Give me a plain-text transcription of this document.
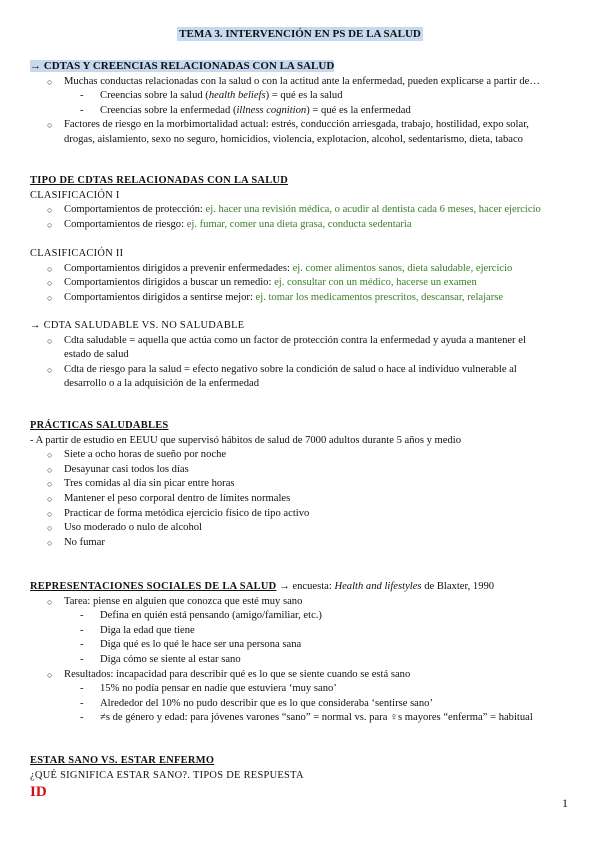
TEMA 3. INTERVENCIÓN EN PS DE LA SALUD
→ CDTAS Y CREENCIAS RELACIONADAS CON LA SALUD
○ Muchas conductas relacionadas con la salud o con la actitud ante la enfermedad, pueden explicarse a partir de…
- Creencias sobre la salud (health beliefs) = qué es la salud
- Creencias sobre la enfermedad (illness cognition) = qué es la enfermedad
○ Factores de riesgo en la morbimortalidad actual: estrés, conducción arriesgada, trabajo, hostilidad, expo solar,
drogas, aislamiento, sexo no seguro, homicidios, violencia, explotacion, alcohol, sedentarismo, dieta, tabaco
TIPO DE CDTAS RELACIONADAS CON LA SALUD
CLASIFICACIÓN I
○ Comportamientos de protección: ej. hacer una revisión médica, o acudir al dentista cada 6 meses, hacer ejercicio
○ Comportamientos de riesgo: ej. fumar, comer una dieta grasa, conducta sedentaria
CLASIFICACIÓN II
○ Comportamientos dirigidos a prevenir enfermedades: ej. comer alimentos sanos, dieta saludable, ejercicio
○ Comportamientos dirigidos a buscar un remedio: ej. consultar con un médico, hacerse un examen
○ Comportamientos dirigidos a sentirse mejor: ej. tomar los medicamentos prescritos, descansar, relajarse
→ CDTA SALUDABLE VS. NO SALUDABLE
○ Cdta saludable = aquella que actúa como un factor de protección contra la enfermedad y ayuda a mantener el
estado de salud
○ Cdta de riesgo para la salud = efecto negativo sobre la condición de salud o hace al individuo vulnerable al
desarrollo o a la adquisición de la enfermedad
PRÁCTICAS SALUDABLES
- A partir de estudio en EEUU que supervisó hábitos de salud de 7000 adultos durante 5 años y medio
○ Siete a ocho horas de sueño por noche
○ Desayunar casi todos los días
○ Tres comidas al día sin picar entre horas
○ Mantener el peso corporal dentro de límites normales
○ Practicar de forma metódica ejercicio físico de tipo activo
○ Uso moderado o nulo de alcohol
○ No fumar
REPRESENTACIONES SOCIALES DE LA SALUD → encuesta: Health and lifestyles de Blaxter, 1990
○ Tarea: piense en alguien que conozca que esté muy sano
- Defina en quién está pensando (amigo/familiar, etc.)
- Diga la edad que tiene
- Diga qué es lo qué le hace ser una persona sana
- Diga cómo se siente al estar sano
○ Resultados: incapacidad para describir qué es lo que se siente cuando se está sano
- 15% no podía pensar en nadie que estuviera ‘muy sano’
- Alrededor del 10% no pudo describir que es lo que consideraba ‘sentirse sano’
- ≠s de género y edad: para jóvenes varones “sano” = normal vs. para ♀s mayores “enferma” = habitual
ESTAR SANO VS. ESTAR ENFERMO
¿QUÉ SIGNIFICA ESTAR SANO?. TIPOS DE RESPUESTA
ID
1
